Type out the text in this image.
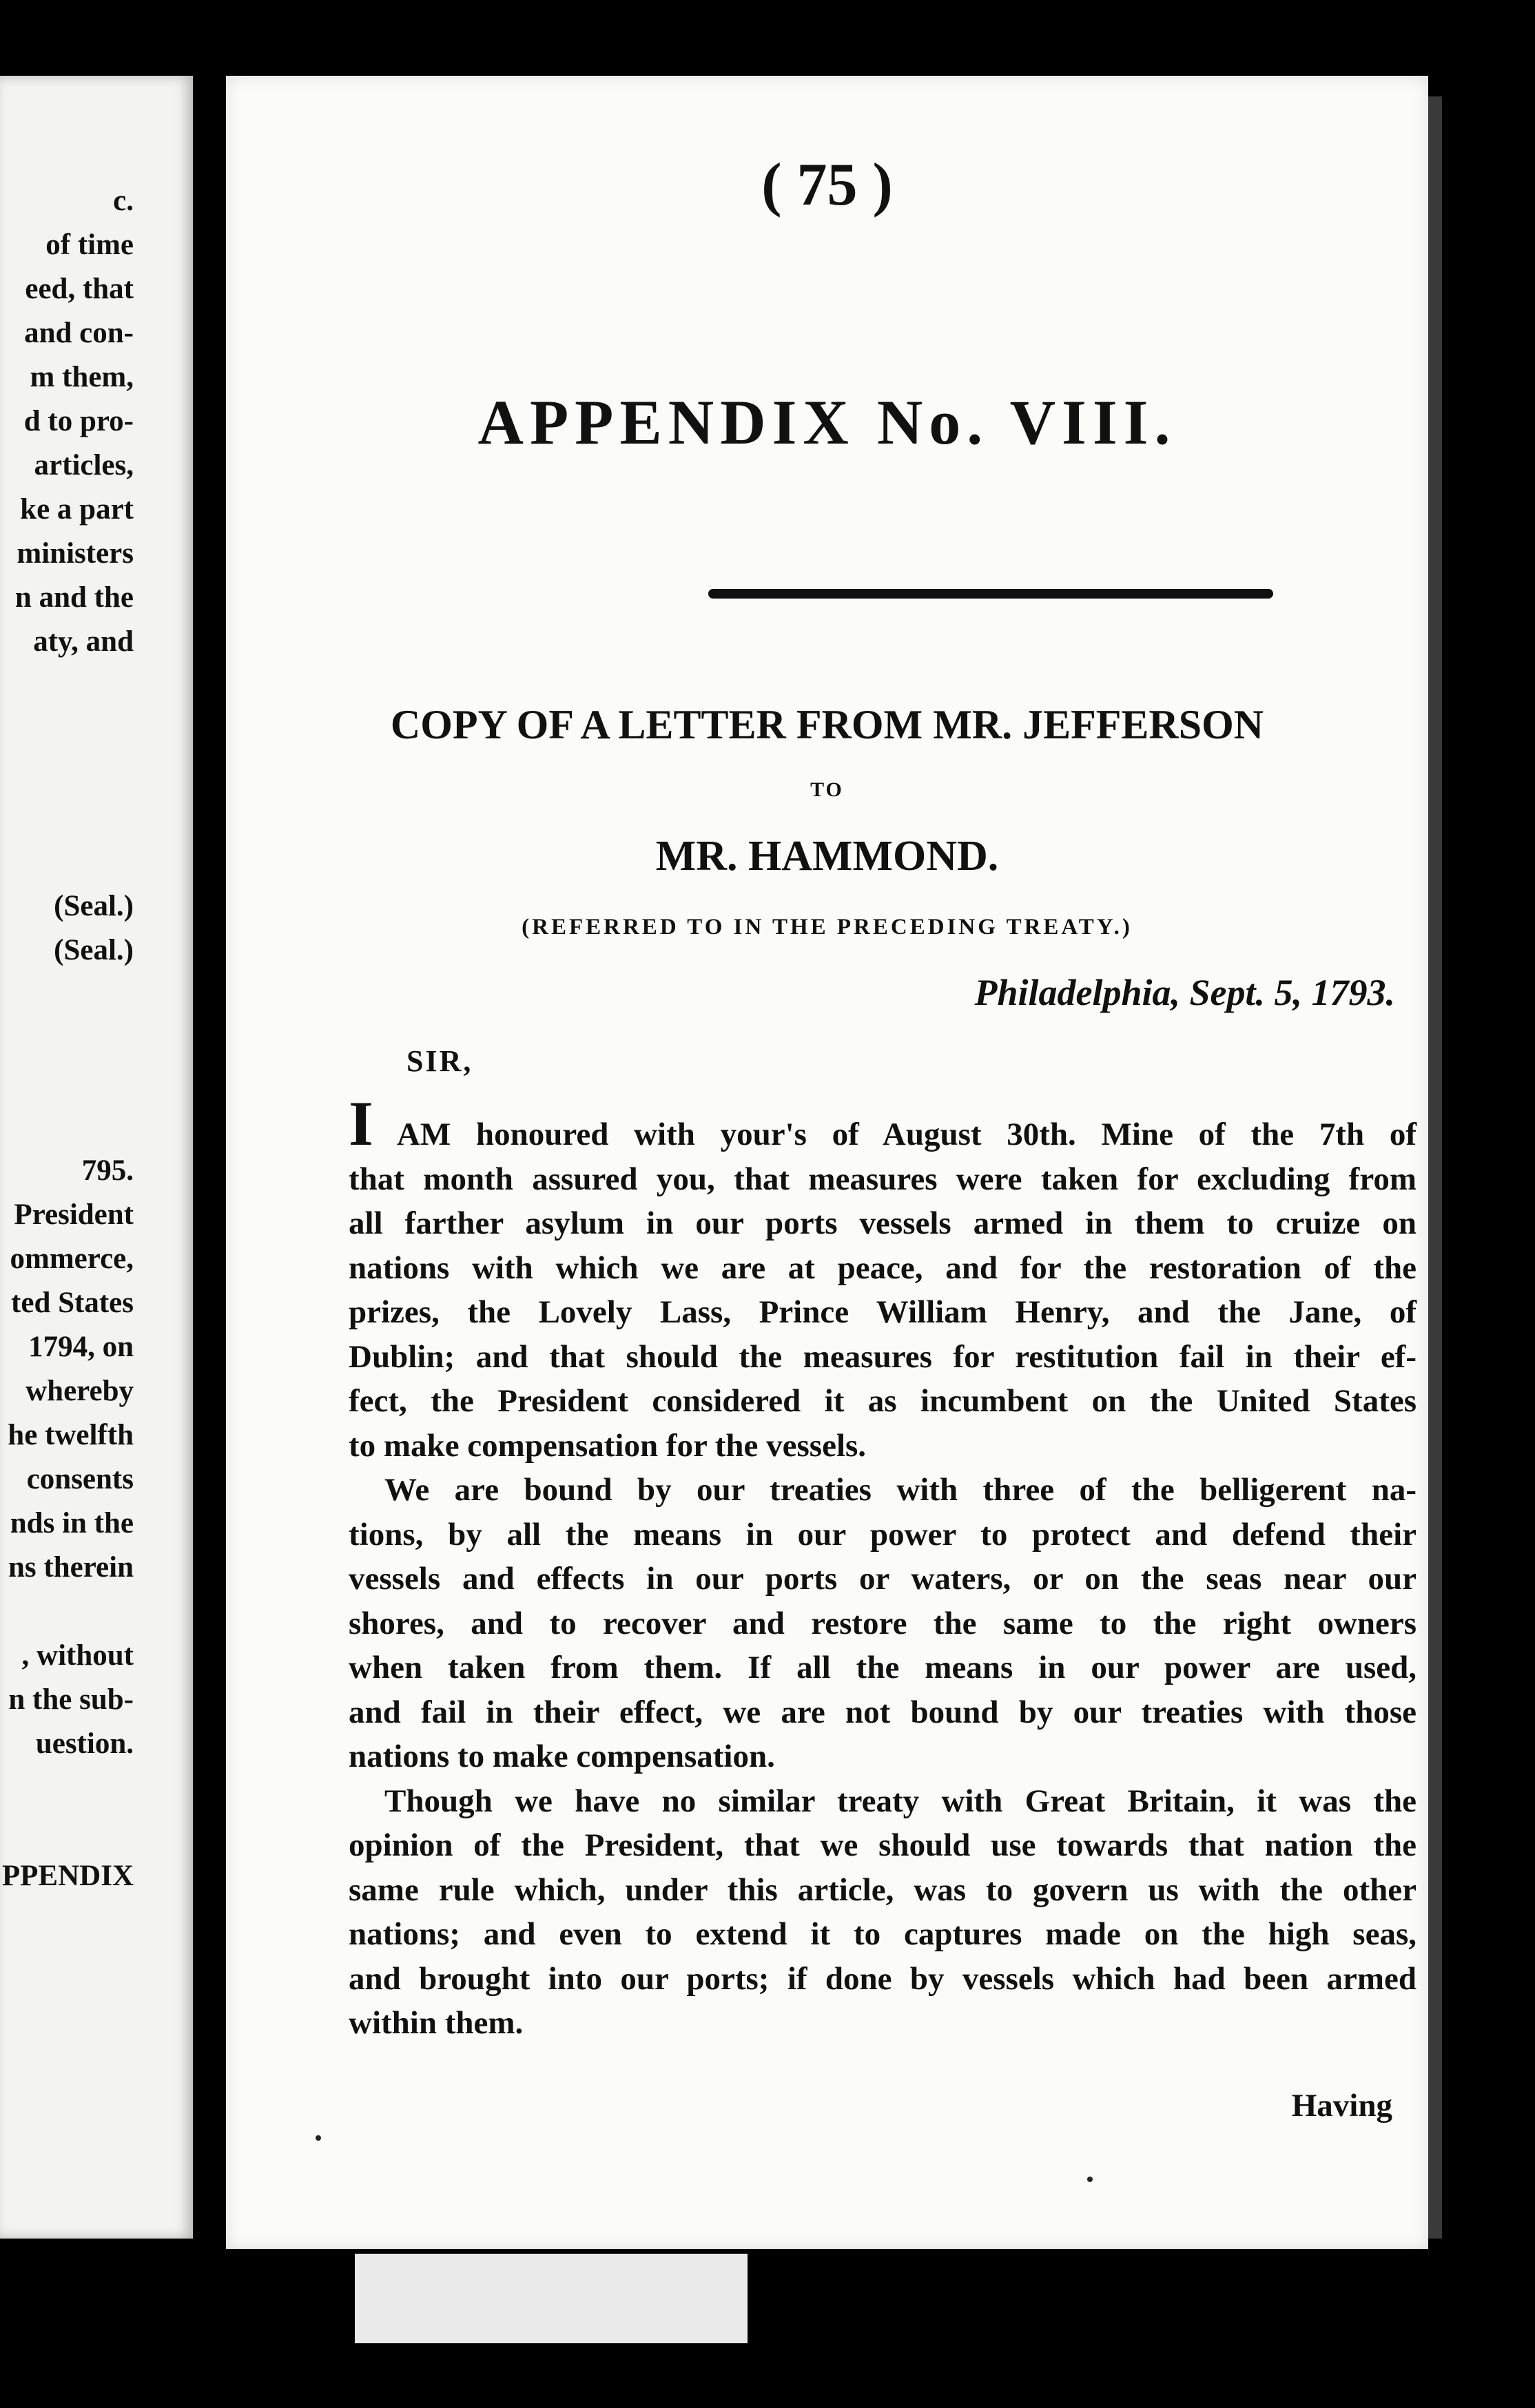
c.
of time
eed, that
and con-
m them,
d to pro-
articles,
ke a part
ministers
n and the
aty, and

(Seal.)
(Seal.)

795.
President
ommerce,
ted States
1794, on
whereby
he twelfth
consents
nds in the
ns therein

, without
n the sub-
uestion.

PPENDIX
( 75 )
APPENDIX No. VIII.
COPY OF A LETTER FROM MR. JEFFERSON
TO
MR. HAMMOND.
(REFERRED TO IN THE PRECEDING TREATY.)
Philadelphia, Sept. 5, 1793.
SIR,
I AM honoured with your's of August 30th. Mine of the 7th of
that month assured you, that measures were taken for excluding from
all farther asylum in our ports vessels armed in them to cruize on
nations with which we are at peace, and for the restoration of the
prizes, the Lovely Lass, Prince William Henry, and the Jane, of
Dublin; and that should the measures for restitution fail in their ef-
fect, the President considered it as incumbent on the United States
to make compensation for the vessels.
We are bound by our treaties with three of the belligerent na-
tions, by all the means in our power to protect and defend their
vessels and effects in our ports or waters, or on the seas near our
shores, and to recover and restore the same to the right owners
when taken from them. If all the means in our power are used,
and fail in their effect, we are not bound by our treaties with those
nations to make compensation.
Though we have no similar treaty with Great Britain, it was the
opinion of the President, that we should use towards that nation the
same rule which, under this article, was to govern us with the other
nations; and even to extend it to captures made on the high seas,
and brought into our ports; if done by vessels which had been armed
within them.
Having
